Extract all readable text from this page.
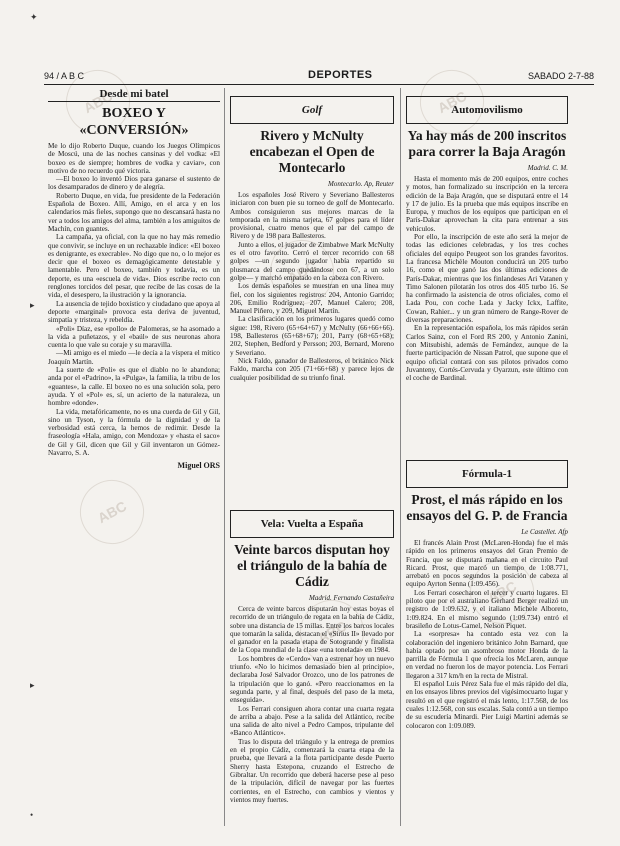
ABC
ABC
ABC
ABC
ABC
ABC
✦
▸
▸
•
94 / A B C	DEPORTES	SABADO 2-7-88
Desde mi batel
BOXEO Y «CONVERSIÓN»

Me lo dijo Roberto Duque, cuando los Juegos Olímpicos de Moscú, una de las noches cansinas y del vodka: «El boxeo es de siempre; hombres de vodka y caviar», con motivo de no recuerdo qué victoria.

—El boxeo lo inventó Dios para ganarse el sustento de los desamparados de dinero y de alegría.

Roberto Duque, en vida, fue presidente de la Federación Española de Boxeo. Allí, Amigo, en el arca y en los calendarios más fieles, supongo que no descansará hasta no ver a todos los amigos del alma, también a los amiguitos de Machín, con guantes.

La campaña, ya oficial, con la que no hay más remedio que convivir, se incluye en un rechazable índice: «El boxeo es denigrante, es execrable». No digo que no, o lo mejor es decir que el boxeo es demagógicamente detestable y lamentable. Pero el boxeo, también y todavía, es un deporte, es una «escuela de vida». Dios escribe recto con renglones torcidos del pesar, que recibe de las cosas de la vida, el desespero, la ilustración y la ignorancia.

La ausencia de tejido boxístico y ciudadano que apoya al deporte «marginal» provoca esta deriva de juventud, simpatía y tristeza, y rebeldía.

«Poli» Díaz, ese «pollo» de Palomeras, se ha asomado a la vida a puñetazos, y el «baúl» de sus neuronas ahora cuenta lo que vale su coraje y su maravilla.

—Mi amigo es el miedo —le decía a la víspera el mítico Joaquín Martín.

La suerte de «Poli» es que el diablo no le abandona; anda por el «Padrino», la «Pulga», la familia, la tribu de los «guantes», la calle. El boxeo no es una solución sola, pero ayuda. Y el «Pol» es, sí, un acierto de la naturaleza, un hombre «donde».

La vida, metafóricamente, no es una cuerda de Gil y Gil, sino un Tyson, y la fórmula de la dignidad y de la verbosidad está cerca, la hemos de redimir. Desde la fraseología «Hala, amigo, con Mendoza» y «hasta el saco» de Gil y Gil, dicen que Gil y Gil inventaron un Gómez-Navarro, S. A.

Miguel ORS
Golf
Rivero y McNulty encabezan el Open de Montecarlo
Montecarlo. Ap, Reuter

Los españoles José Rivero y Severiano Ballesteros iniciaron con buen pie su torneo de golf de Montecarlo. Ambos consiguieron sus mejores marcas de la temporada en la misma tarjeta, 67 golpes para el líder provisional, cuatro menos que el par del campo de Rivero y de 198 para Ballesteros.

Junto a ellos, el jugador de Zimbabwe Mark McNulty es el otro favorito. Cerró el tercer recorrido con 68 golpes —un segundo jugador había repartido su plusmarca del campo quedándose con 67, a un solo golpe— y marchó empatado en la cabeza con Rivero.

Los demás españoles se muestran en una línea muy fiel, con los siguientes registros: 204, Antonio Garrido; 206, Emilio Rodríguez; 207, Manuel Calero; 208, Manuel Piñero, y 209, Miguel Martín.

La clasificación en los primeros lugares quedó como sigue: 198, Rivero (65+64+67) y McNulty (66+66+66). 198, Ballesteros (65+68+67); 201, Parry (68+65+68); 202, Stephen, Bedford y Persson; 203, Bernard, Moreno y Severiano.

Nick Faldo, ganador de Ballesteros, el británico Nick Faldo, marcha con 205 (71+66+68) y parece lejos de cualquier posibilidad de su triunfo final.

Automovilismo
Ya hay más de 200 inscritos para correr la Baja Aragón
Madrid. C. M.

Hasta el momento más de 200 equipos, entre coches y motos, han formalizado su inscripción en la tercera edición de la Baja Aragón, que se disputará entre el 14 y 17 de julio. Es la prueba que más equipos inscribe en Europa, y muchos de los equipos que participan en el París-Dakar aprovechan la cita para entrenar a sus vehículos.

Por ello, la inscripción de este año será la mejor de todas las ediciones celebradas, y los tres coches oficiales del equipo Peugeot son los grandes favoritos. La francesa Michèle Mouton conducirá un 205 turbo 16, como el que ganó las dos últimas ediciones de París-Dakar, mientras que los finlandeses Ari Vatanen y Timo Salonen pilotarán los otros dos 405 turbo 16. Se ha confirmado la asistencia de otros oficiales, como el Lada Pou, con coche Lada y Jacky Ickx, Laffite, Cowan, Rahier... y un gran número de Range-Rover de diversas preparaciones.

En la representación española, los más rápidos serán Carlos Sainz, con el Ford RS 200, y Antonio Zanini, con Mitsubishi, además de Fernández, aunque de la fuerte participación de Nissan Patrol, que supone que el equipo oficial contará con sus pilotos privados como Juvanteny, Cortés-Cervuda y Oyarzun, este último con el coche de Bardinal.

Vela: Vuelta a España
Veinte barcos disputan hoy el triángulo de la bahía de Cádiz
Madrid. Fernando Castañeira

Cerca de veinte barcos disputarán hoy estas boyas el recorrido de un triángulo de regata en la bahía de Cádiz, sobre una distancia de 15 millas. Entre los barcos locales que tomarán la salida, destacan el «Sirius II» llevado por el ganador en la pasada etapa de Sotogrande y finalista de la Copa mundial de la clase «una tonelada» en 1984.

Los hombres de «Cerdo» van a estrenar hoy un nuevo triunfo. «No lo hicimos demasiado bien al principio», declaraba José Salvador Orozco, uno de los patrones de la tripulación que lo ganó. «Pero reaccionamos en la segunda parte, y al final, después del paso de la meta, enseguida».

Los Ferrari consiguen ahora contar una cuarta regata de arriba a abajo. Pese a la salida del Atlántico, recibe una salida de alto nivel a Pedro Campos, tripulante del «Banco Atlántico».

Tras lo disputa del triángulo y la entrega de premios en el propio Cádiz, comenzará la cuarta etapa de la prueba, que llevará a la flota participante desde Puerto Sherry hasta Estepona, cruzando el Estrecho de Gibraltar. Un recorrido que deberá hacerse pese al peso de la tripulación, difícil de navegar por las fuertes corrientes, en el Estrecho, con cambios y vientos y vientos muy fuertes.

Fórmula-1
Prost, el más rápido en los ensayos del G. P. de Francia
Le Castellet. Afp

El francés Alain Prost (McLaren-Honda) fue el más rápido en los primeros ensayos del Gran Premio de Francia, que se disputará mañana en el circuito Paul Ricard. Prost, que marcó un tiempo de 1:08.771, arrebató en pocos segundos la posición de cabeza al equipo Ayrton Senna (1:09.456).

Los Ferrari cosecharon el tercer y cuarto lugares. El piloto que por el australiano Gerhard Berger realizó un registro de 1:09.632, y el italiano Michele Alboreto, 1:09.824. En el mismo segundo (1:09.734) entró el brasileño de Lotus-Camel, Nelson Piquet.

La «sorpresa» ha contado esta vez con la colaboración del ingeniero británico John Barnard, que había optado por un asombroso motor Honda de la parrilla de Fórmula 1 que ofrecía los McLaren, aunque en verdad no fueron los de mayor potencia. Los Ferrari llegaron a 317 km/h en la recta de Mistral.

El español Luis Pérez Sala fue el más rápido del día, en los ensayos libres previos del vigésimocuarto lugar y resultó en el que registró el más lento, 1:17.568, de los cuales 1:12.568, con sus escalas. Sala contó a un tiempo de su escudería Minardi. Pier Luigi Martini además se colocaron con 1:09.089.
